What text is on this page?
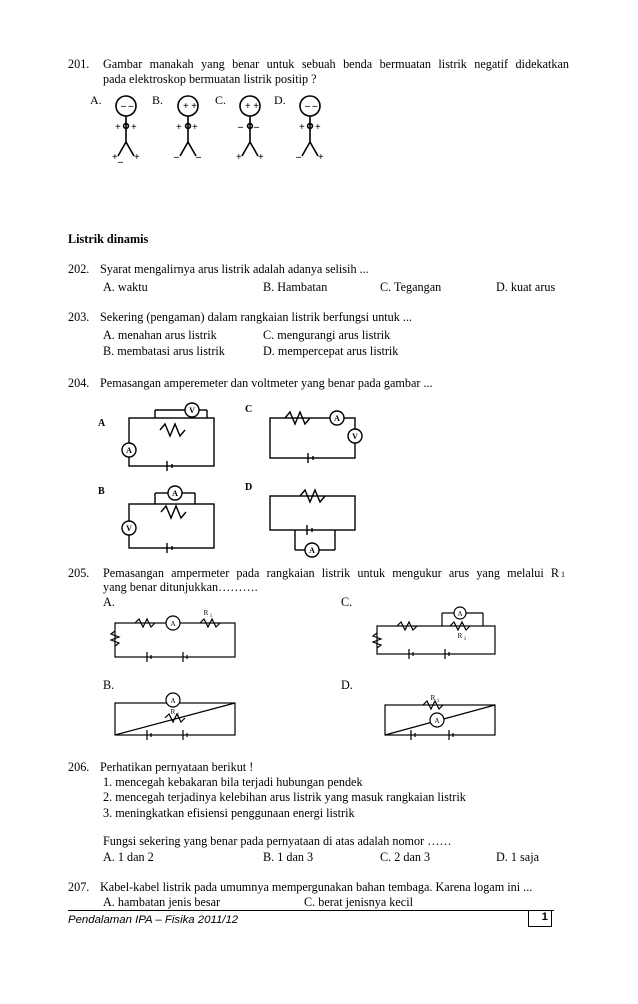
201. Gambar manakah yang benar untuk sebuah benda bermuatan listrik negatif didekatkan
pada elektroskop bermuatan listrik positip ?
A.	B.	C.	D.
– –
+ +
+ +
–
+ +
+ +
– –
+ +
– –
+ +
– –
+ +
– +
Listrik dinamis
202. Syarat mengalirnya arus listrik adalah adanya selisih ...
A. waktu	B. Hambatan	C. Tegangan	D. kuat arus
203. Sekering (pengaman) dalam rangkaian listrik berfungsi untuk ...
A. menahan arus listrik	C. mengurangi arus listrik
B. membatasi arus listrik	D. mempercepat arus listrik
204. Pemasangan amperemeter dan voltmeter yang benar pada gambar ...
A
B
C
D
V
A
A
V
A
V
A
205. Pemasangan ampermeter pada rangkaian listrik untuk mengukur arus yang melalui R 1
yang benar ditunjukkan……….
A.	C.
B.	D.
A
A
A
A
R 1
R 1
R 1
R 1
206. Perhatikan pernyataan berikut !
1. mencegah kebakaran bila terjadi hubungan pendek
2. mencegah terjadinya kelebihan arus listrik yang masuk rangkaian listrik
3. meningkatkan efisiensi penggunaan energi listrik
Fungsi sekering yang benar pada pernyataan di atas adalah nomor ……
A. 1 dan 2	B. 1 dan 3	C. 2 dan 3	D. 1 saja
207. Kabel-kabel listrik pada umumnya mempergunakan bahan tembaga. Karena logam ini ...
A. hambatan jenis besar	C. berat jenisnya kecil
Pendalaman IPA – Fisika 2011/12	1
